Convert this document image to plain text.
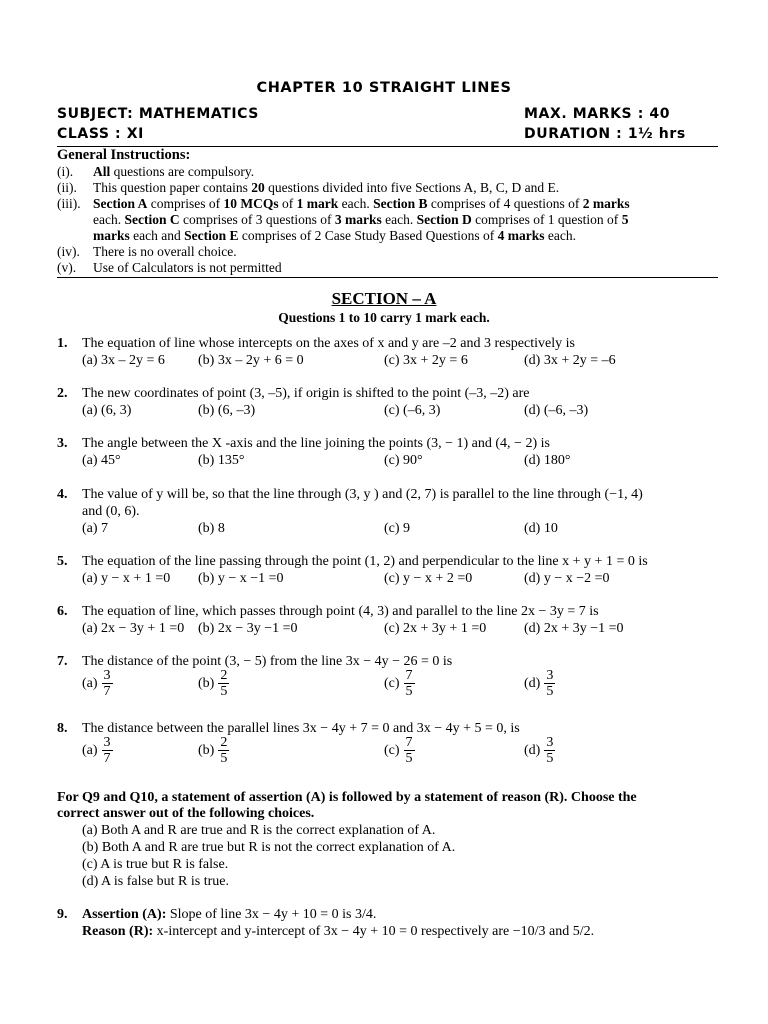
CHAPTER 10 STRAIGHT LINES
SUBJECT: MATHEMATICS	MAX. MARKS : 40
CLASS : XI	DURATION : 1½ hrs
General Instructions:
(i). All questions are compulsory.
(ii). This question paper contains 20 questions divided into five Sections A, B, C, D and E.
(iii). Section A comprises of 10 MCQs of 1 mark each. Section B comprises of 4 questions of 2 marks
each. Section C comprises of 3 questions of 3 marks each. Section D comprises of 1 question of 5
marks each and Section E comprises of 2 Case Study Based Questions of 4 marks each.
(iv). There is no overall choice.
(v). Use of Calculators is not permitted
SECTION – A
Questions 1 to 10 carry 1 mark each.
1. The equation of line whose intercepts on the axes of x and y are –2 and 3 respectively is
(a) 3x – 2y = 6 (b) 3x – 2y + 6 = 0	(c) 3x + 2y = 6	(d) 3x + 2y = –6
2. The new coordinates of point (3, –5), if origin is shifted to the point (–3, –2) are
(a) (6, 3)	(b) (6, –3)	(c) (–6, 3)	(d) (–6, –3)
3. The angle between the X -axis and the line joining the points (3, − 1) and (4, − 2) is
(a) 45°	(b) 135°	(c) 90°	(d) 180°
4. The value of y will be, so that the line through (3, y ) and (2, 7) is parallel to the line through (−1, 4)
and (0, 6).
(a) 7	(b) 8	(c) 9	(d) 10
5. The equation of the line passing through the point (1, 2) and perpendicular to the line x + y + 1 = 0 is
(a) y − x + 1 =0 (b) y − x −1 =0	(c) y − x + 2 =0	(d) y − x −2 =0
6. The equation of line, which passes through point (4, 3) and parallel to the line 2x − 3y = 7 is
(a) 2x − 3y + 1 =0 (b) 2x − 3y −1 =0	(c) 2x + 3y + 1 =0	(d) 2x + 3y −1 =0
7. The distance of the point (3, − 5) from the line 3x − 4y − 26 = 0 is
$(a) \frac{3}{7}$	$(b) \frac{2}{5}$	$(c) \frac{7}{5}$	$(d) \frac{3}{5}$
8. The distance between the parallel lines 3x − 4y + 7 = 0 and 3x − 4y + 5 = 0, is
$(a) \frac{3}{7}$	$(b) \frac{2}{5}$	$(c) \frac{7}{5}$	$(d) \frac{3}{5}$
For Q9 and Q10, a statement of assertion (A) is followed by a statement of reason (R). Choose the
correct answer out of the following choices.
(a) Both A and R are true and R is the correct explanation of A.
(b) Both A and R are true but R is not the correct explanation of A.
(c) A is true but R is false.
(d) A is false but R is true.
9. Assertion (A): Slope of line 3x − 4y + 10 = 0 is 3/4.
Reason (R): x-intercept and y-intercept of 3x − 4y + 10 = 0 respectively are −10/3 and 5/2.
